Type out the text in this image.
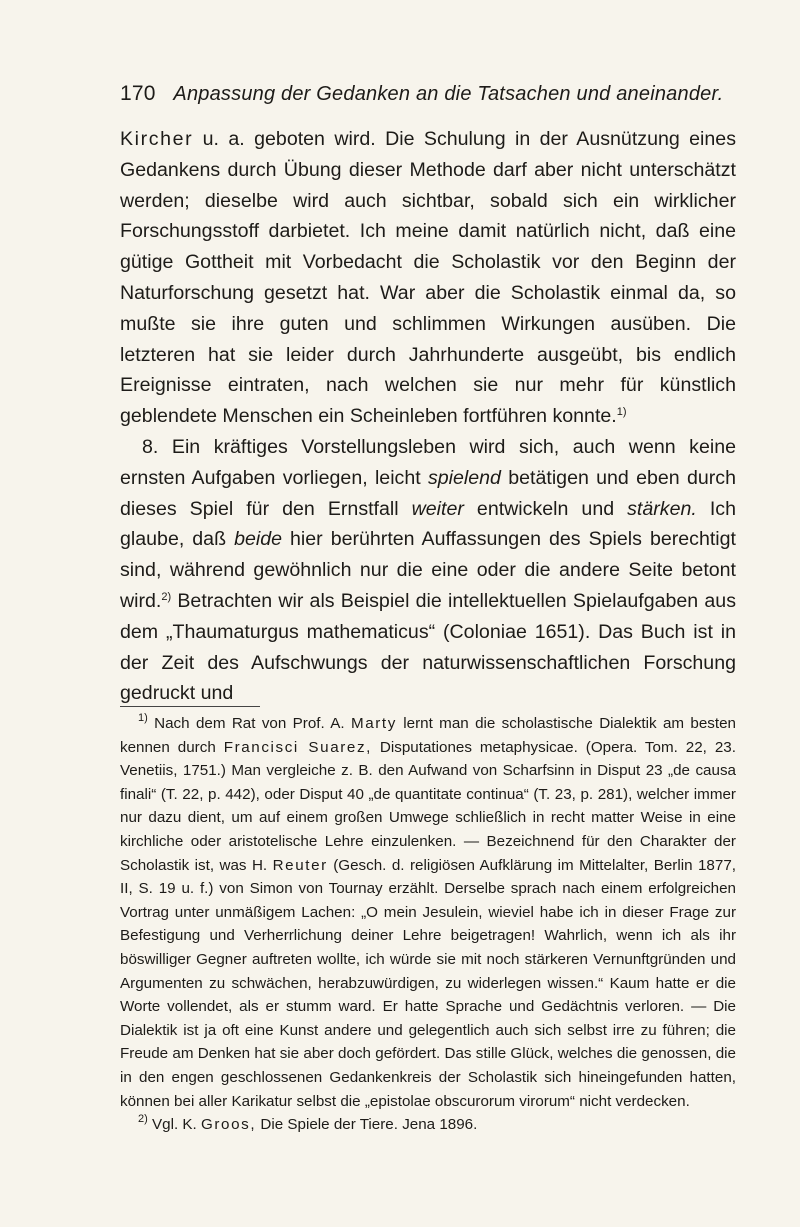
170 Anpassung der Gedanken an die Tatsachen und aneinander.

Kircher u. a. geboten wird. Die Schulung in der Ausnützung eines Gedankens durch Übung dieser Methode darf aber nicht unterschätzt werden; dieselbe wird auch sichtbar, sobald sich ein wirklicher Forschungsstoff darbietet. Ich meine damit natürlich nicht, daß eine gütige Gottheit mit Vorbedacht die Scholastik vor den Beginn der Naturforschung gesetzt hat. War aber die Scholastik einmal da, so mußte sie ihre guten und schlimmen Wirkungen ausüben. Die letzteren hat sie leider durch Jahrhunderte ausgeübt, bis endlich Ereignisse eintraten, nach welchen sie nur mehr für künstlich geblendete Menschen ein Scheinleben fortführen konnte.$^{1)}$

8. Ein kräftiges Vorstellungsleben wird sich, auch wenn keine ernsten Aufgaben vorliegen, leicht spielend betätigen und eben durch dieses Spiel für den Ernstfall weiter entwickeln und stärken. Ich glaube, daß beide hier berührten Auffassungen des Spiels berechtigt sind, während gewöhnlich nur die eine oder die andere Seite betont wird.$^{2)}$ Betrachten wir als Beispiel die intellektuellen Spielaufgaben aus dem „Thaumaturgus mathematicus“ (Coloniae 1651). Das Buch ist in der Zeit des Aufschwungs der naturwissenschaftlichen Forschung gedruckt und

$^{1)}$ Nach dem Rat von Prof. A. Marty lernt man die scholastische Dialektik am besten kennen durch Francisci Suarez, Disputationes metaphysicae. (Opera. Tom. 22, 23. Venetiis, 1751.) Man vergleiche z. B. den Aufwand von Scharfsinn in Disput 23 „de causa finali“ (T. 22, p. 442), oder Disput 40 „de quantitate continua“ (T. 23, p. 281), welcher immer nur dazu dient, um auf einem großen Umwege schließlich in recht matter Weise in eine kirchliche oder aristotelische Lehre einzulenken. — Bezeichnend für den Charakter der Scholastik ist, was H. Reuter (Gesch. d. religiösen Aufklärung im Mittelalter, Berlin 1877, II, S. 19 u. f.) von Simon von Tournay erzählt. Derselbe sprach nach einem erfolgreichen Vortrag unter unmäßigem Lachen: „O mein Jesulein, wieviel habe ich in dieser Frage zur Befestigung und Verherrlichung deiner Lehre beigetragen! Wahrlich, wenn ich als ihr böswilliger Gegner auftreten wollte, ich würde sie mit noch stärkeren Vernunftgründen und Argumenten zu schwächen, herabzuwürdigen, zu widerlegen wissen.“ Kaum hatte er die Worte vollendet, als er stumm ward. Er hatte Sprache und Gedächtnis verloren. — Die Dialektik ist ja oft eine Kunst andere und gelegentlich auch sich selbst irre zu führen; die Freude am Denken hat sie aber doch gefördert. Das stille Glück, welches die genossen, die in den engen geschlossenen Gedankenkreis der Scholastik sich hineingefunden hatten, können bei aller Karikatur selbst die „epistolae obscurorum virorum“ nicht verdecken.

$^{2)}$ Vgl. K. Groos, Die Spiele der Tiere. Jena 1896.
